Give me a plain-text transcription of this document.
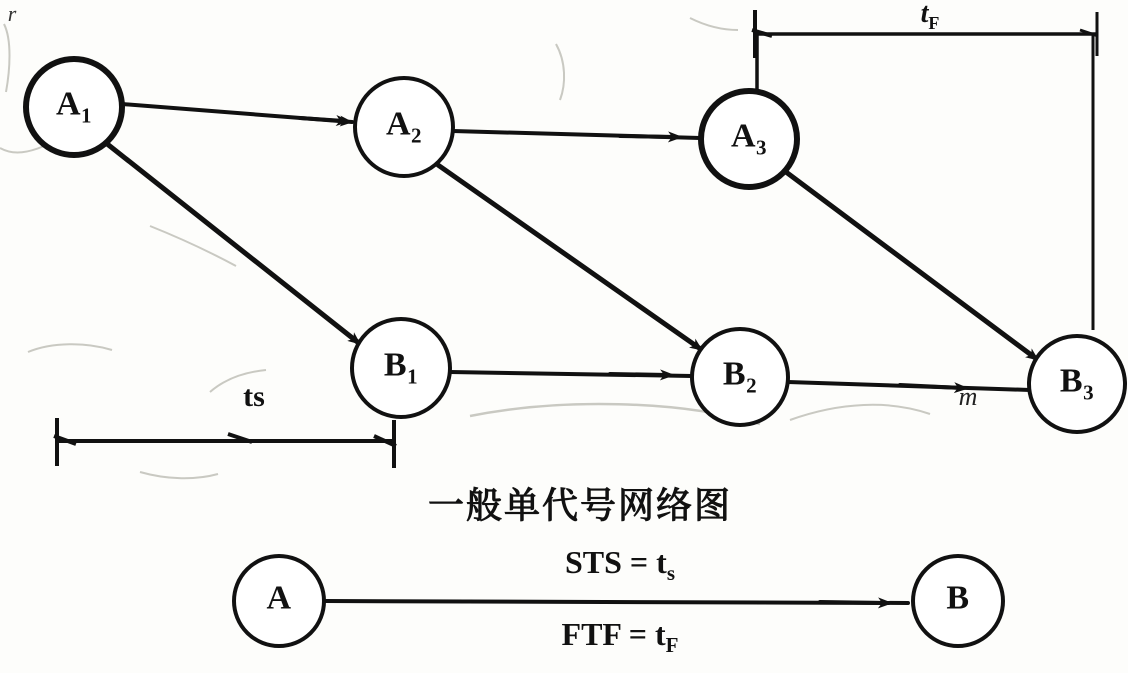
$A_1$	$A_2$	$A_3$
$B_1$	$B_2$	$B_3$
A	B
$t_F$
ts
一般单代号网络图
STS = $t_s$
FTF = $t_F$
r
m
